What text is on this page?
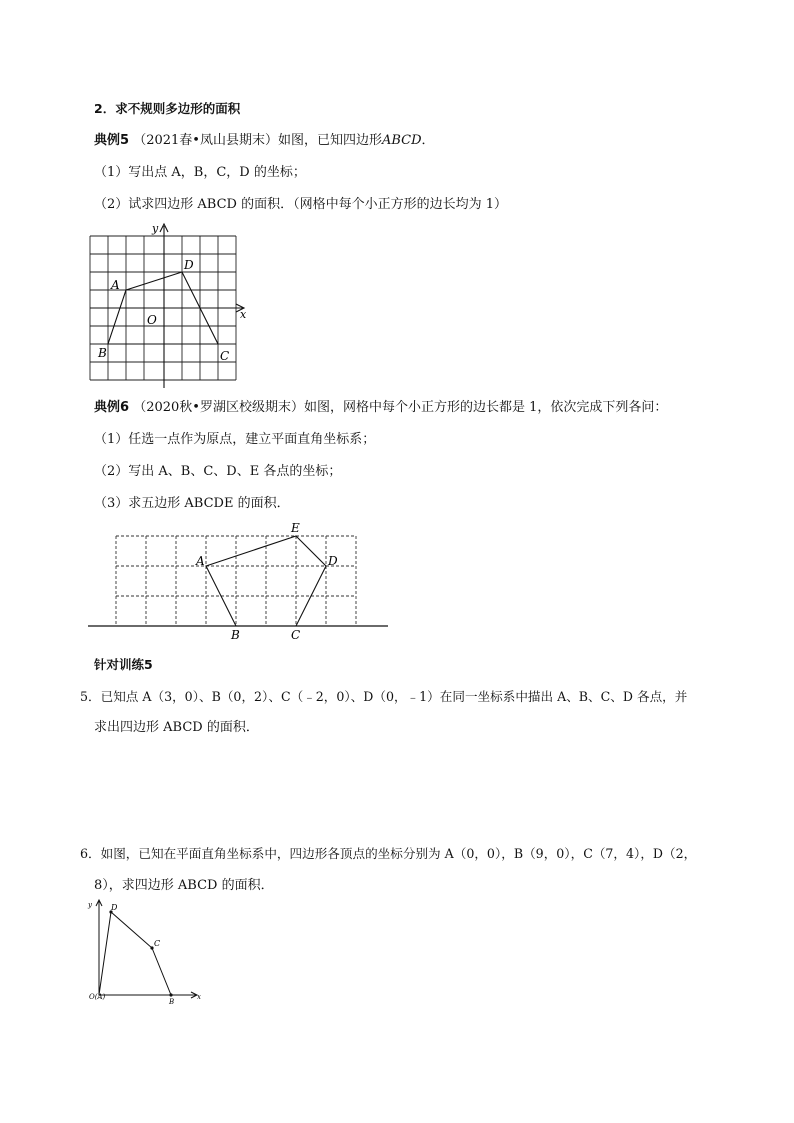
2．求不规则多边形的面积
典例5 （2021春•凤山县期末）如图，已知四边形ABCD．
（1）写出点 A，B，C，D 的坐标；
（2）试求四边形 ABCD 的面积．（网格中每个小正方形的边长均为 1）
y
x
A
D
O
B	C
典例6 （2020秋•罗湖区校级期末）如图，网格中每个小正方形的边长都是 1，依次完成下列各问：
（1）任选一点作为原点，建立平面直角坐标系；
（2）写出 A、B、C、D、E 各点的坐标；
（3）求五边形 ABCDE 的面积．
A
E
D
B	C
针对训练5
5．已知点 A（3，0）、B（0，2）、C（﹣2，0）、D（0，﹣1）在同一坐标系中描出 A、B、C、D 各点，并
求出四边形 ABCD 的面积．
6．如图，已知在平面直角坐标系中，四边形各顶点的坐标分别为 A（0，0），B（9，0），C（7，4），D（2，
8），求四边形 ABCD 的面积．
y
x
D
C
B
O(A)
